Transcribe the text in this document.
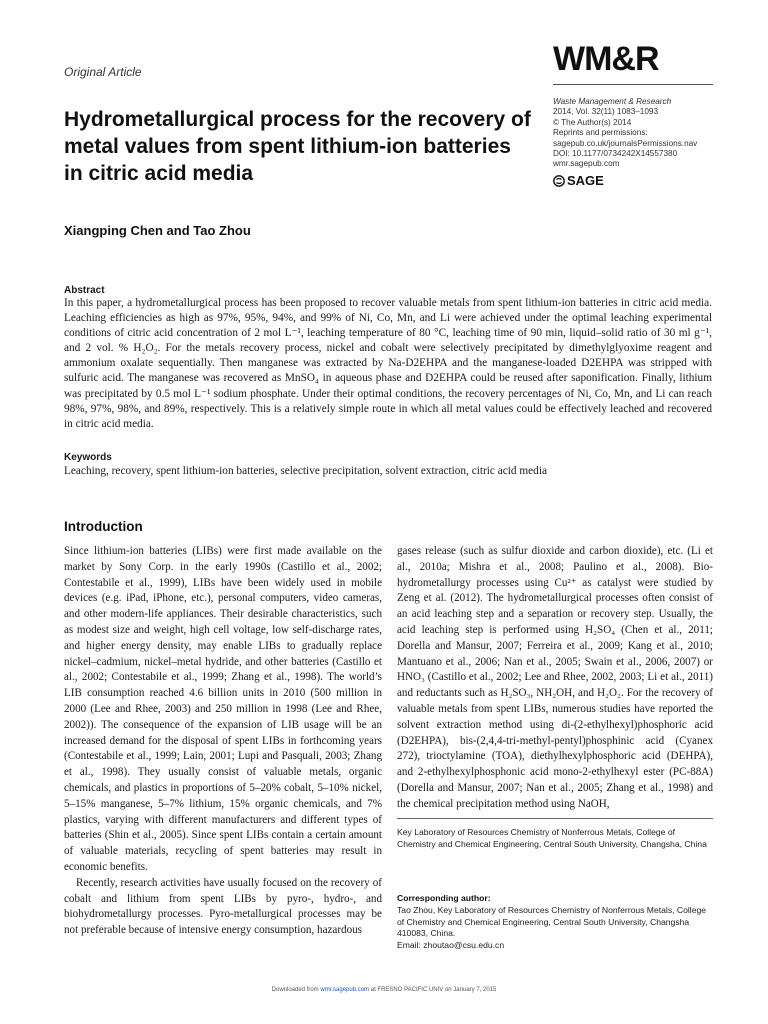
Original Article	WM&R
Hydrometallurgical process for the recovery of metal values from spent lithium-ion batteries in citric acid media
Waste Management & Research
2014, Vol. 32(11) 1083–1093
© The Author(s) 2014
Reprints and permissions:
sagepub.co.uk/journalsPermissions.nav
DOI: 10.1177/0734242X14557380
wmr.sagepub.com
SAGE
Xiangping Chen and Tao Zhou
Abstract

In this paper, a hydrometallurgical process has been proposed to recover valuable metals from spent lithium-ion batteries in citric acid media. Leaching efficiencies as high as 97%, 95%, 94%, and 99% of Ni, Co, Mn, and Li were achieved under the optimal leaching experimental conditions of citric acid concentration of 2 mol L⁻¹, leaching temperature of 80 °C, leaching time of 90 min, liquid–solid ratio of 30 ml g⁻¹, and 2 vol. % H₂O₂. For the metals recovery process, nickel and cobalt were selectively precipitated by dimethylglyoxime reagent and ammonium oxalate sequentially. Then manganese was extracted by Na-D2EHPA and the manganese-loaded D2EHPA was stripped with sulfuric acid. The manganese was recovered as MnSO₄ in aqueous phase and D2EHPA could be reused after saponification. Finally, lithium was precipitated by 0.5 mol L⁻¹ sodium phosphate. Under their optimal conditions, the recovery percentages of Ni, Co, Mn, and Li can reach 98%, 97%, 98%, and 89%, respectively. This is a relatively simple route in which all metal values could be effectively leached and recovered in citric acid media.

Keywords

Leaching, recovery, spent lithium-ion batteries, selective precipitation, solvent extraction, citric acid media

Introduction

Since lithium-ion batteries (LIBs) were first made available on the market by Sony Corp. in the early 1990s (Castillo et al., 2002; Contestabile et al., 1999), LIBs have been widely used in mobile devices (e.g. iPad, iPhone, etc.), personal computers, video cameras, and other modern-life appliances. Their desirable characteristics, such as modest size and weight, high cell voltage, low self-discharge rates, and higher energy density, may enable LIBs to gradually replace nickel–cadmium, nickel–metal hydride, and other batteries (Castillo et al., 2002; Contestabile et al., 1999; Zhang et al., 1998). The world’s LIB consumption reached 4.6 billion units in 2010 (500 million in 2000 (Lee and Rhee, 2003) and 250 million in 1998 (Lee and Rhee, 2002)). The consequence of the expansion of LIB usage will be an increased demand for the disposal of spent LIBs in forthcoming years (Contestabile et al., 1999; Lain, 2001; Lupi and Pasquali, 2003; Zhang et al., 1998). They usually consist of valuable metals, organic chemicals, and plastics in proportions of 5–20% cobalt, 5–10% nickel, 5–15% manganese, 5–7% lithium, 15% organic chemicals, and 7% plastics, varying with different manufacturers and different types of batteries (Shin et al., 2005). Since spent LIBs contain a certain amount of valuable materials, recycling of spent batteries may result in economic benefits.

Recently, research activities have usually focused on the recovery of cobalt and lithium from spent LIBs by pyro-, hydro-, and biohydrometallurgy processes. Pyro-metallurgical processes may be not preferable because of intensive energy consumption, hazardous

gases release (such as sulfur dioxide and carbon dioxide), etc. (Li et al., 2010a; Mishra et al., 2008; Paulino et al., 2008). Bio-hydrometallurgy processes using Cu²⁺ as catalyst were studied by Zeng et al. (2012). The hydrometallurgical processes often consist of an acid leaching step and a separation or recovery step. Usually, the acid leaching step is performed using H₂SO₄ (Chen et al., 2011; Dorella and Mansur, 2007; Ferreira et al., 2009; Kang et al., 2010; Mantuano et al., 2006; Nan et al., 2005; Swain et al., 2006, 2007) or HNO₃ (Castillo et al., 2002; Lee and Rhee, 2002, 2003; Li et al., 2011) and reductants such as H₂SO₃, NH₂OH, and H₂O₂. For the recovery of valuable metals from spent LIBs, numerous studies have reported the solvent extraction method using di-(2-ethylhexyl)phosphoric acid (D2EHPA), bis-(2,4,4-tri-methyl-pentyl)phosphinic acid (Cyanex 272), trioctylamine (TOA), diethylhexylphosphoric acid (DEHPA), and 2-ethylhexylphosphonic acid mono-2-ethylhexyl ester (PC-88A) (Dorella and Mansur, 2007; Nan et al., 2005; Zhang et al., 1998) and the chemical precipitation method using NaOH,

Key Laboratory of Resources Chemistry of Nonferrous Metals, College of Chemistry and Chemical Engineering, Central South University, Changsha, China

Corresponding author:
Tao Zhou, Key Laboratory of Resources Chemistry of Nonferrous Metals, College of Chemistry and Chemical Engineering, Central South University, Changsha 410083, China.
Email: zhoutao@csu.edu.cn
Downloaded from wmr.sagepub.com at FRESNO PACIFIC UNIV on January 7, 2015
